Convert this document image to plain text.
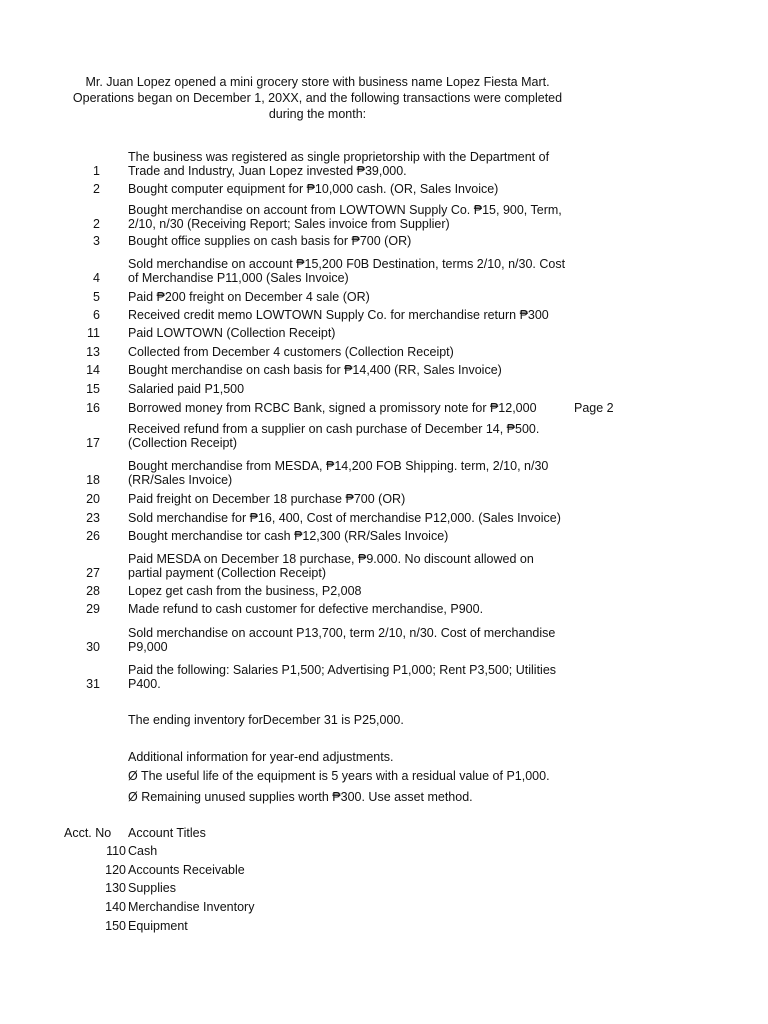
Mr. Juan Lopez opened a mini grocery store with business name Lopez Fiesta Mart.
Operations began on December 1, 20XX, and the following transactions were completed
during the month:
1
The business was registered as single proprietorship with the Department of
Trade and Industry, Juan Lopez invested ₱39,000.
2 Bought computer equipment for ₱10,000 cash. (OR, Sales Invoice)
2
Bought merchandise on account from LOWTOWN Supply Co. ₱15, 900, Term,
2/10, n/30 (Receiving Report; Sales invoice from Supplier)
3 Bought office supplies on cash basis for ₱700 (OR)
4
Sold merchandise on account ₱15,200 F0B Destination, terms 2/10, n/30. Cost
of Merchandise P11,000 (Sales Invoice)
5 Paid ₱200 freight on December 4 sale (OR)
6 Received credit memo LOWTOWN Supply Co. for merchandise return ₱300
11 Paid LOWTOWN (Collection Receipt)
13 Collected from December 4 customers (Collection Receipt)
14 Bought merchandise on cash basis for ₱14,400 (RR, Sales Invoice)
15 Salaried paid P1,500
16 Borrowed money from RCBC Bank, signed a promissory note for ₱12,000	Page 2
17
Received refund from a supplier on cash purchase of December 14, ₱500.
(Collection Receipt)
18
Bought merchandise from MESDA, ₱14,200 FOB Shipping. term, 2/10, n/30
(RR/Sales Invoice)
20 Paid freight on December 18 purchase ₱700 (OR)
23 Sold merchandise for ₱16, 400, Cost of merchandise P12,000. (Sales Invoice)
26 Bought merchandise tor cash ₱12,300 (RR/Sales Invoice)
27
Paid MESDA on December 18 purchase, ₱9.000. No discount allowed on
partial payment (Collection Receipt)
28 Lopez get cash from the business, P2,008
29 Made refund to cash customer for defective merchandise, P900.
30
Sold merchandise on account P13,700, term 2/10, n/30. Cost of merchandise
P9,000
31
Paid the following: Salaries P1,500; Advertising P1,000; Rent P3,500; Utilities
P400.
The ending inventory forDecember 31 is P25,000.
Additional information for year-end adjustments.
Ø The useful life of the equipment is 5 years with a residual value of P1,000.
Ø Remaining unused supplies worth ₱300. Use asset method.
Acct. No Account Titles
110 Cash
120 Accounts Receivable
130 Supplies
140 Merchandise Inventory
150 Equipment
